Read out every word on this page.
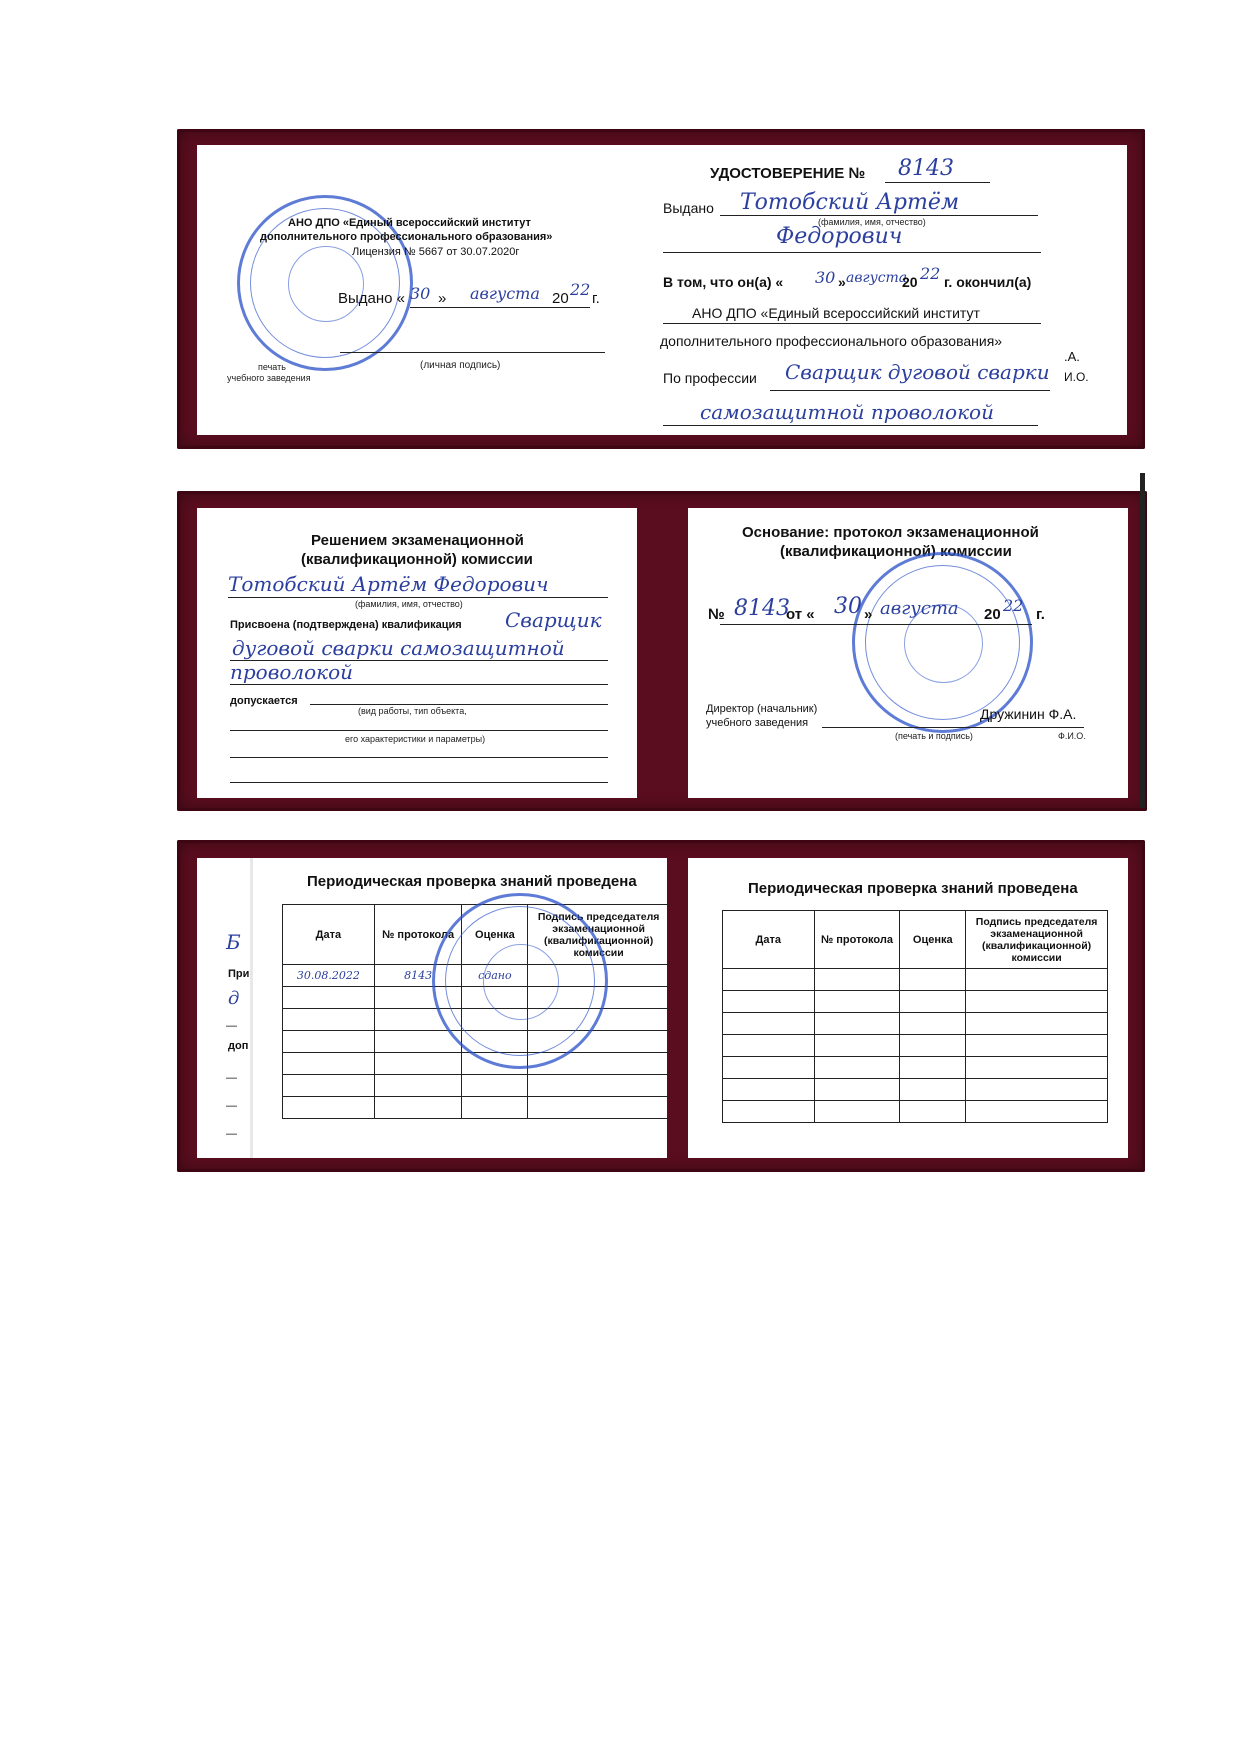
АНО ДПО «Единый всероссийский институт
дополнительного профессионального образования»
Лицензия № 5667 от 30.07.2020г
Выдано « 30 » августа 20 22 г.
(личная подпись)
печать
учебного заведения
УДОСТОВЕРЕНИЕ № 8143
Выдано Тотобский Артём
(фамилия, имя, отчество)
Федорович
В том, что он(а) « 30 » августа
20 22 г. окончил(а)
АНО ДПО «Единый всероссийский институт
дополнительного профессионального образования»
.А.
И.О.
По профессии Сварщик дуговой сварки
самозащитной проволокой
Решением экзаменационной
(квалификационной) комиссии
Тотобский Артём Федорович
(фамилия, имя, отчество)
Присвоена (подтверждена) квалификация Сварщик
дуговой сварки самозащитной
проволокой
допускается
(вид работы, тип объекта,
его характеристики и параметры)
Основание: протокол экзаменационной
(квалификационной) комиссии
№ 8143
от « 30 » августа 20 22 г.
Директор (начальник)
учебного заведения
Дружинин Ф.А.
(печать и подпись)	Ф.И.О.
Б
При
д
—
доп
—
—
—
Периодическая проверка знаний проведена
Дата	№ протокола	Оценка	Подпись председателя экзаменационной (квалификационной) комиссии
30.08.2022	8143	сдано	

Периодическая проверка знаний проведена
Дата	№ протокола	Оценка	Подпись председателя экзаменационной (квалификационной) комиссии
